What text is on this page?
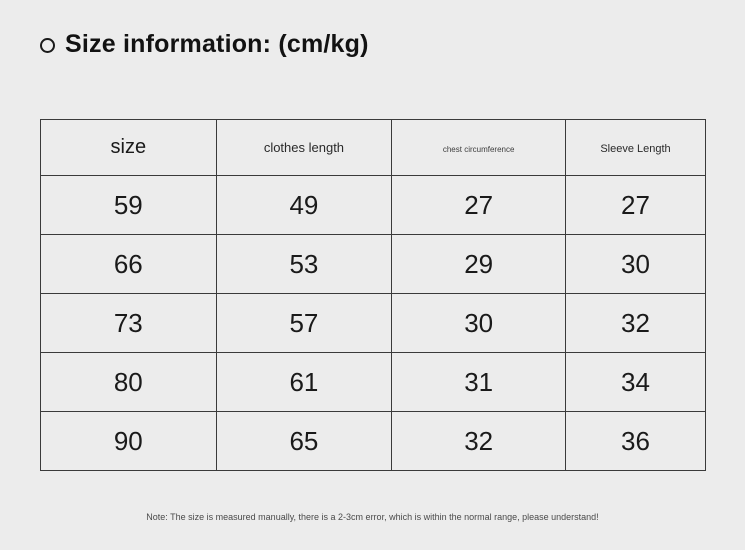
Size information: (cm/kg)
size	clothes length	chest circumference	Sleeve Length
59	49	27	27
66	53	29	30
73	57	30	32
80	61	31	34
90	65	32	36
Note: The size is measured manually, there is a 2-3cm error, which is within the normal range, please understand!
